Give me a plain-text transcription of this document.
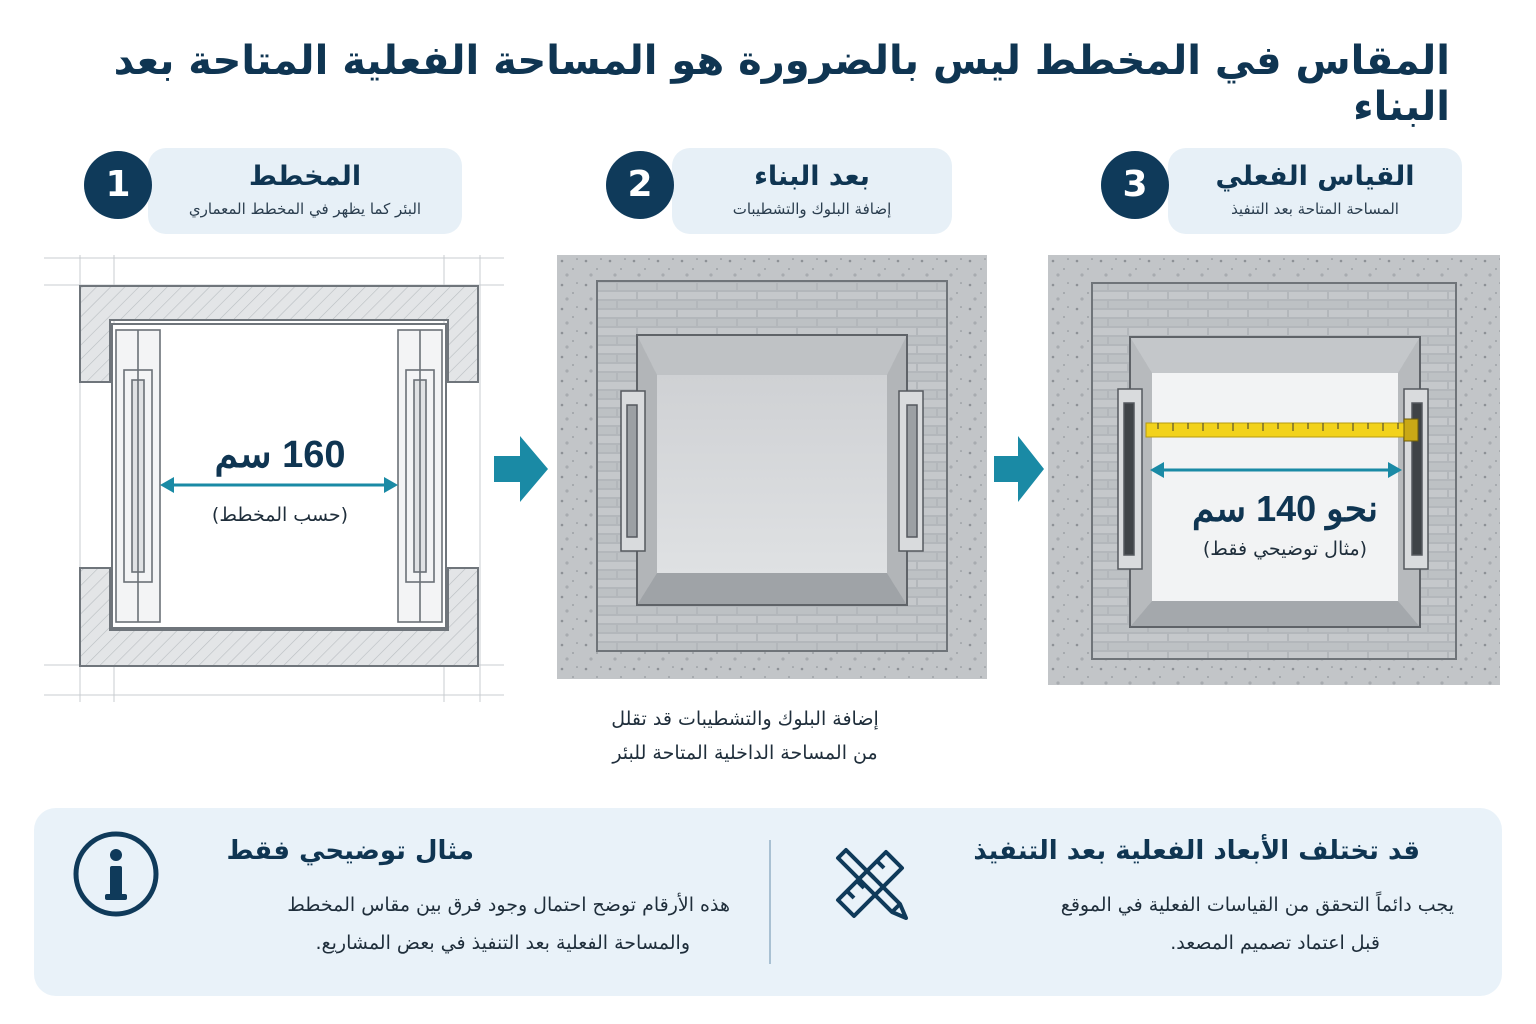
المقاس في المخطط ليس بالضرورة هو المساحة الفعلية المتاحة بعد البناء
المخطط
البئر كما يظهر في المخطط المعماري
1	بعد البناء
إضافة البلوك والتشطيبات
2	القياس الفعلي
المساحة المتاحة بعد التنفيذ
3
160 سم
(حسب المخطط)	نحو 140 سم
(مثال توضيحي فقط)
إضافة البلوك والتشطيبات قد تقلل
من المساحة الداخلية المتاحة للبئر
مثال توضيحي فقط
هذه الأرقام توضح احتمال وجود فرق بين مقاس المخطط
والمساحة الفعلية بعد التنفيذ في بعض المشاريع.
قد تختلف الأبعاد الفعلية بعد التنفيذ
يجب دائماً التحقق من القياسات الفعلية في الموقع
قبل اعتماد تصميم المصعد.
